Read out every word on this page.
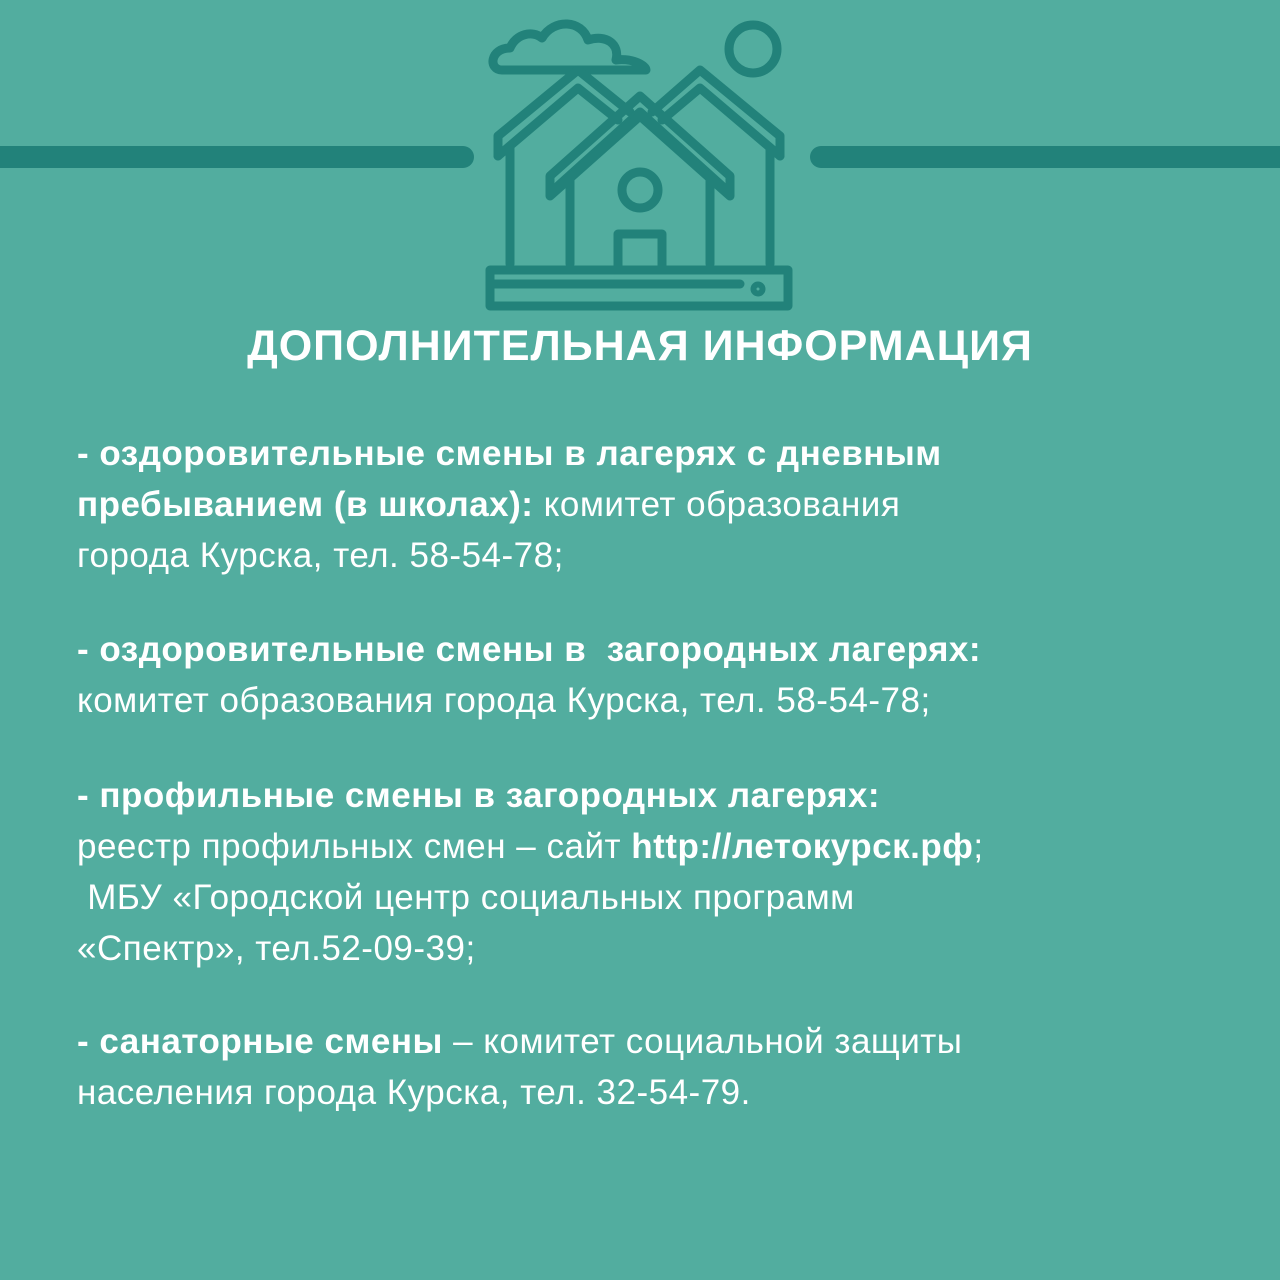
ДОПОЛНИТЕЛЬНАЯ ИНФОРМАЦИЯ
- оздоровительные смены в лагерях с дневным
пребыванием (в школах): комитет образования
города Курска, тел. 58-54-78;
- оздоровительные смены в  загородных лагерях:
комитет образования города Курска, тел. 58-54-78;
- профильные смены в загородных лагерях:
реестр профильных смен – сайт http://летокурск.рф;
МБУ «Городской центр социальных программ
«Спектр», тел.52-09-39;
- санаторные смены – комитет социальной защиты
населения города Курска, тел. 32-54-79.
